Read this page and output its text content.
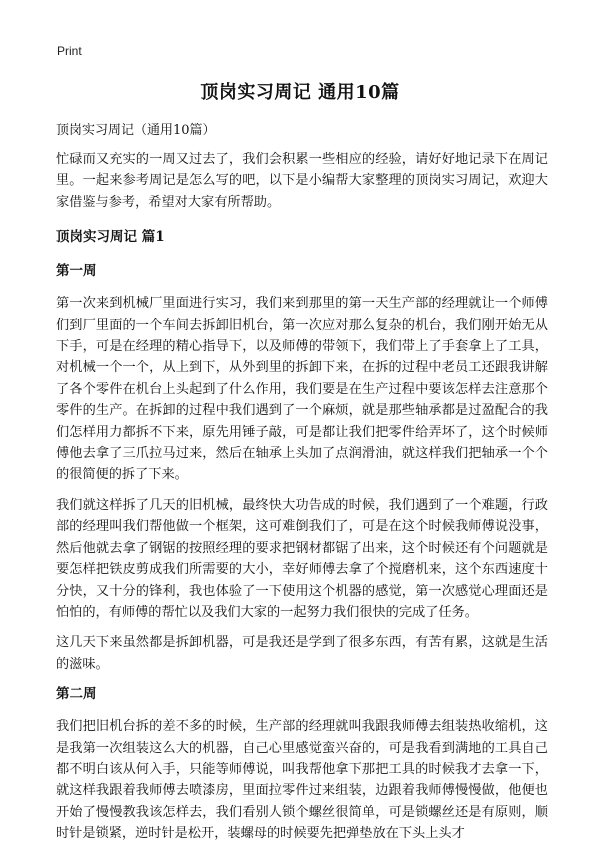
Print
顶岗实习周记 通用10篇

顶岗实习周记（通用10篇）

忙碌而又充实的一周又过去了，我们会积累一些相应的经验，请好好地记录下在周记里。一起来参考周记是怎么写的吧，以下是小编帮大家整理的顶岗实习周记，欢迎大家借鉴与参考，希望对大家有所帮助。

顶岗实习周记 篇1
第一周

第一次来到机械厂里面进行实习，我们来到那里的第一天生产部的经理就让一个师傅们到厂里面的一个车间去拆卸旧机台，第一次应对那么复杂的机台，我们刚开始无从下手，可是在经理的精心指导下，以及师傅的带领下，我们带上了手套拿上了工具，对机械一个一个，从上到下，从外到里的拆卸下来，在拆的过程中老员工还跟我讲解了各个零件在机台上头起到了什么作用，我们要是在生产过程中要该怎样去注意那个零件的生产。在拆卸的过程中我们遇到了一个麻烦，就是那些轴承都是过盈配合的我们怎样用力都拆不下来，原先用锤子敲，可是都让我们把零件给弄坏了，这个时候师傅他去拿了三爪拉马过来，然后在轴承上头加了点润滑油，就这样我们把轴承一个个的很简便的拆了下来。

我们就这样拆了几天的旧机械，最终快大功告成的时候，我们遇到了一个难题，行政部的经理叫我们帮他做一个框架，这可难倒我们了，可是在这个时候我师傅说没事，然后他就去拿了钢锯的按照经理的要求把钢材都锯了出来，这个时候还有个问题就是要怎样把铁皮剪成我们所需要的大小，幸好师傅去拿了个搅磨机来，这个东西速度十分快，又十分的锋利，我也体验了一下使用这个机器的感觉，第一次感觉心理面还是怕怕的，有师傅的帮忙以及我们大家的一起努力我们很快的完成了任务。

这几天下来虽然都是拆卸机器，可是我还是学到了很多东西，有苦有累，这就是生活的滋味。

第二周

我们把旧机台拆的差不多的时候，生产部的经理就叫我跟我师傅去组装热收缩机，这是我第一次组装这么大的机器，自己心里感觉蛮兴奋的，可是我看到满地的工具自己都不明白该从何入手，只能等师傅说，叫我帮他拿下那把工具的时候我才去拿一下，就这样我跟着我师傅去喷漆房，里面拉零件过来组装，边跟着我师傅慢慢做，他便也开始了慢慢教我该怎样去，我们看别人锁个螺丝很简单，可是锁螺丝还是有原则，顺时针是锁紧，逆时针是松开，装螺母的时候要先把弹垫放在下头上头才
